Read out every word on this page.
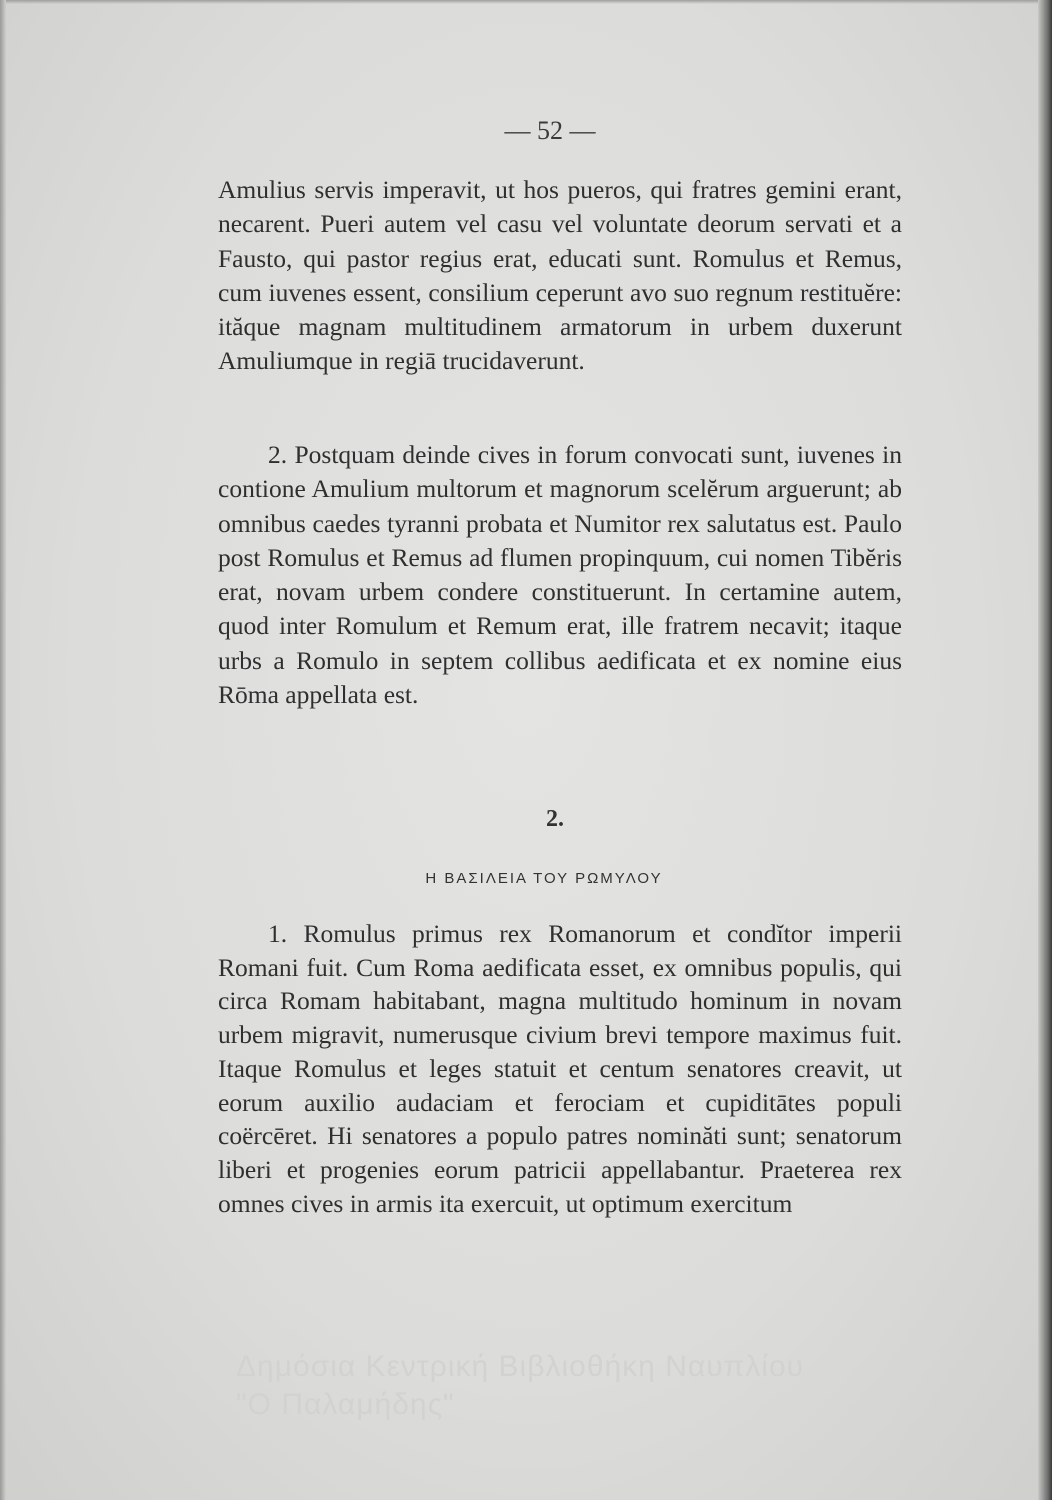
— 52 —

Amulius servis imperavit, ut hos pueros, qui fratres gemini erant, necarent. Pueri autem vel casu vel voluntate deorum servati et a Fausto, qui pastor regius erat, educati sunt. Romulus et Remus, cum iuvenes essent, consilium ceperunt avo suo regnum restituĕre: ităque magnam multitudinem armatorum in urbem duxerunt Amuliumque in regiā trucidaverunt.

2. Postquam deinde cives in forum convocati sunt, iuvenes in contione Amulium multorum et magnorum scelĕrum arguerunt; ab omnibus caedes tyranni probata et Numitor rex salutatus est. Paulo post Romulus et Remus ad flumen propinquum, cui nomen Tibĕris erat, novam urbem condere constituerunt. In certamine autem, quod inter Romulum et Remum erat, ille fratrem necavit; itaque urbs a Romulo in septem collibus aedificata et ex nomine eius Rōma appellata est.

2.
Η ΒΑΣΙΛΕΙΑ ΤΟΥ ΡΩΜΥΛΟΥ

1. Romulus primus rex Romanorum et condĭtor imperii Romani fuit. Cum Roma aedificata esset, ex omnibus populis, qui circa Romam habitabant, magna multitudo hominum in novam urbem migravit, numerusque civium brevi tempore maximus fuit. Itaque Romulus et leges statuit et centum senatores creavit, ut eorum auxilio audaciam et ferociam et cupiditātes populi coërcēret. Hi senatores a populo patres nominăti sunt; senatorum liberi et progenies eorum patricii appellabantur. Praeterea rex omnes cives in armis ita exercuit, ut optimum exercitum

Δημόσια Κεντρική Βιβλιοθήκη Ναυπλίου
"Ο Παλαμήδης"
